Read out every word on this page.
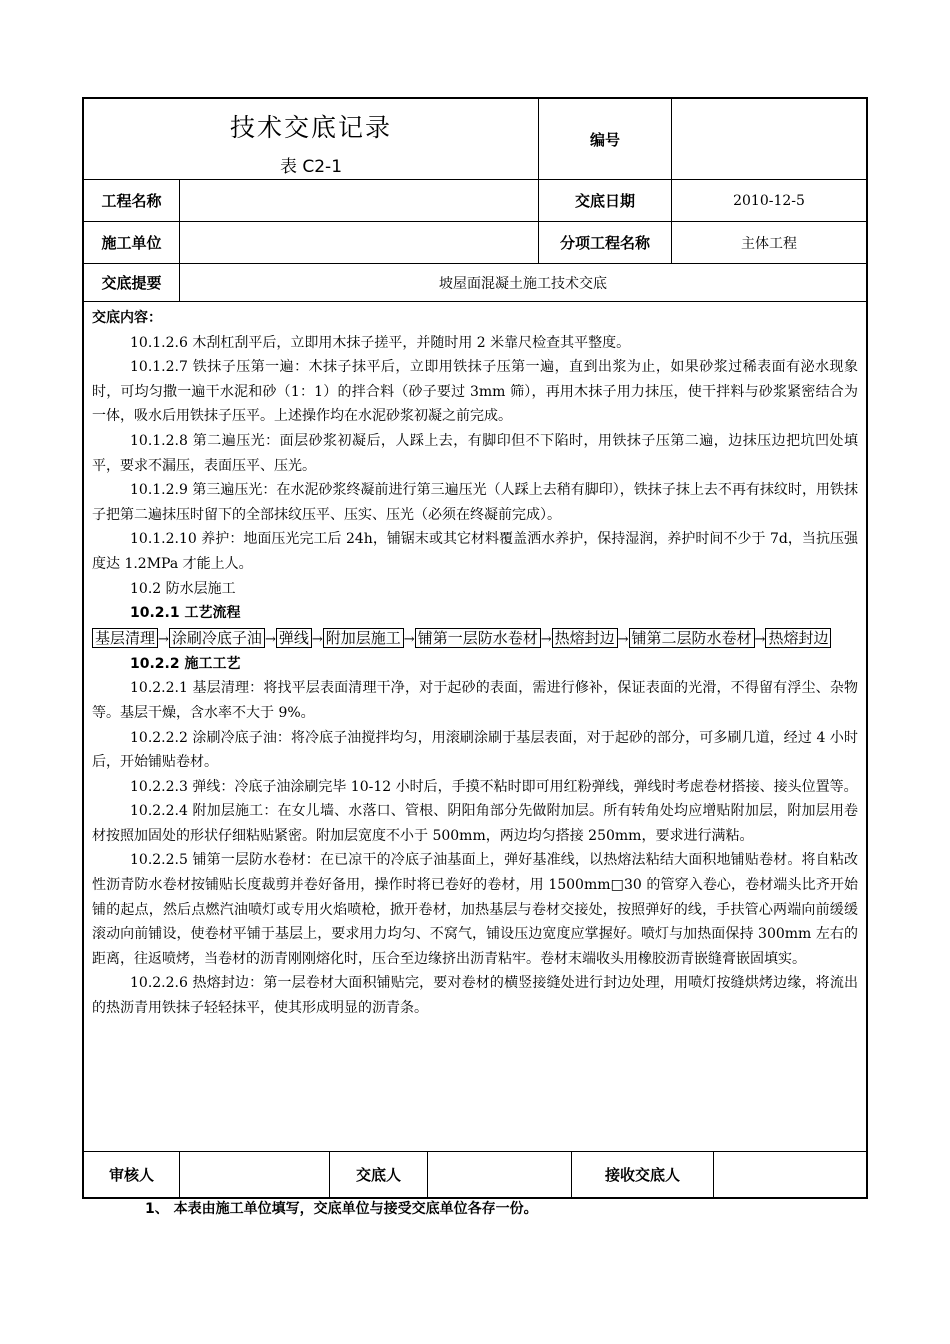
技术交底记录
表 C2-1
编号
工程名称	交底日期	2010-12-5
施工单位	分项工程名称	主体工程
交底提要	坡屋面混凝土施工技术交底
交底内容：

10.1.2.6 木刮杠刮平后，立即用木抹子搓平，并随时用 2 米靠尺检查其平整度。

10.1.2.7 铁抹子压第一遍：木抹子抹平后，立即用铁抹子压第一遍，直到出浆为止，如果砂浆过稀表面有泌水现象时，可均匀撒一遍干水泥和砂（1：1）的拌合料（砂子要过 3mm 筛），再用木抹子用力抹压，使干拌料与砂浆紧密结合为一体，吸水后用铁抹子压平。上述操作均在水泥砂浆初凝之前完成。

10.1.2.8 第二遍压光：面层砂浆初凝后，人踩上去，有脚印但不下陷时，用铁抹子压第二遍，边抹压边把坑凹处填平，要求不漏压，表面压平、压光。

10.1.2.9 第三遍压光：在水泥砂浆终凝前进行第三遍压光（人踩上去稍有脚印），铁抹子抹上去不再有抹纹时，用铁抹子把第二遍抹压时留下的全部抹纹压平、压实、压光（必须在终凝前完成）。

10.1.2.10 养护：地面压光完工后 24h，铺锯末或其它材料覆盖洒水养护，保持湿润，养护时间不少于 7d，当抗压强度达 1.2MPa 才能上人。

10.2 防水层施工

10.2.1 工艺流程

基层清理 → 涂刷冷底子油 → 弹线 → 附加层施工 → 铺第一层防水卷材 → 热熔封边 → 铺第二层防水卷材 → 热熔封边

10.2.2 施工工艺

10.2.2.1 基层清理：将找平层表面清理干净，对于起砂的表面，需进行修补，保证表面的光滑，不得留有浮尘、杂物等。基层干燥，含水率不大于 9%。

10.2.2.2 涂刷冷底子油：将冷底子油搅拌均匀，用滚刷涂刷于基层表面，对于起砂的部分，可多刷几道，经过 4 小时后，开始铺贴卷材。

10.2.2.3 弹线：冷底子油涂刷完毕 10-12 小时后，手摸不粘时即可用红粉弹线，弹线时考虑卷材搭接、接头位置等。

10.2.2.4 附加层施工：在女儿墙、水落口、管根、阴阳角部分先做附加层。所有转角处均应增贴附加层，附加层用卷材按照加固处的形状仔细粘贴紧密。附加层宽度不小于 500mm，两边均匀搭接 250mm，要求进行满粘。

10.2.2.5 铺第一层防水卷材：在已凉干的冷底子油基面上，弹好基准线，以热熔法粘结大面积地铺贴卷材。将自粘改性沥青防水卷材按铺贴长度裁剪并卷好备用，操作时将已卷好的卷材，用 1500mm□30 的管穿入卷心，卷材端头比齐开始铺的起点，然后点燃汽油喷灯或专用火焰喷枪，掀开卷材，加热基层与卷材交接处，按照弹好的线，手扶管心两端向前缓缓滚动向前铺设，使卷材平铺于基层上，要求用力均匀、不窝气，铺设压边宽度应掌握好。喷灯与加热面保持 300mm 左右的距离，往返喷烤，当卷材的沥青刚刚熔化时，压合至边缘挤出沥青粘牢。卷材末端收头用橡胶沥青嵌缝膏嵌固填实。

10.2.2.6 热熔封边：第一层卷材大面积铺贴完，要对卷材的横竖接缝处进行封边处理，用喷灯按缝烘烤边缘，将流出的热沥青用铁抹子轻轻抹平，使其形成明显的沥青条。

审核人	交底人	接收交底人
1、 本表由施工单位填写，交底单位与接受交底单位各存一份。
